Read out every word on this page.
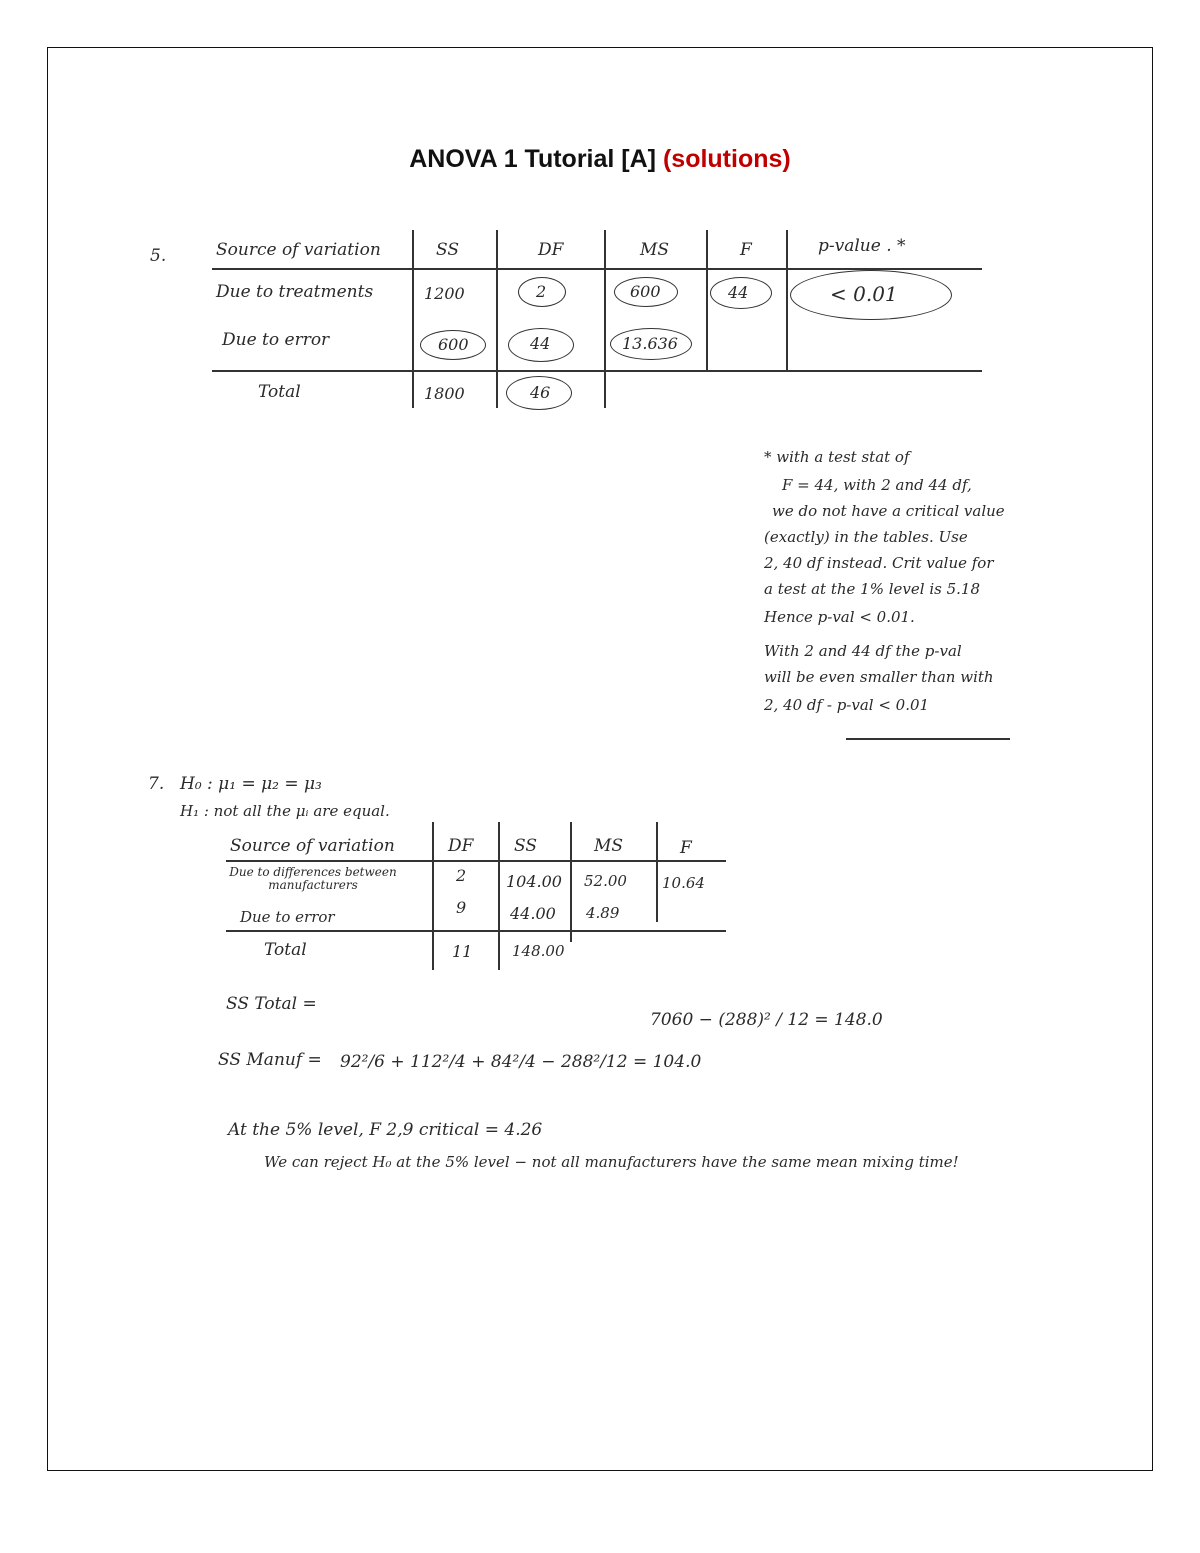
ANOVA 1 Tutorial [A] (solutions)
5.	Source of variation	SS	DF	MS	F	p-value . *
Due to treatments	1200	2	600	44	< 0.01
Due to error	600	44	13.636
Total	1800	46
* with a test stat of
F = 44, with 2 and 44 df,
we do not have a critical value
(exactly) in the tables. Use
2, 40 df instead. Crit value for
a test at the 1% level is 5.18
Hence p-val < 0.01.
With 2 and 44 df the p-val
will be even smaller than with
2, 40 df - p-val < 0.01
7. H₀ : μ₁ = μ₂ = μ₃
H₁ : not all the μᵢ are equal.
Source of variation	DF SS	MS	F
Due to differences between manufacturers	2 104.00 52.00 10.64
Due to error	9	44.00 4.89
Total	11	148.00
SS Total =
7060 − (288)² / 12 = 148.0
SS Manuf = 92²/6 + 112²/4 + 84²/4 − 288²/12 = 104.0
At the 5% level, F 2,9 critical = 4.26
We can reject H₀ at the 5% level − not all manufacturers have the same mean mixing time!
